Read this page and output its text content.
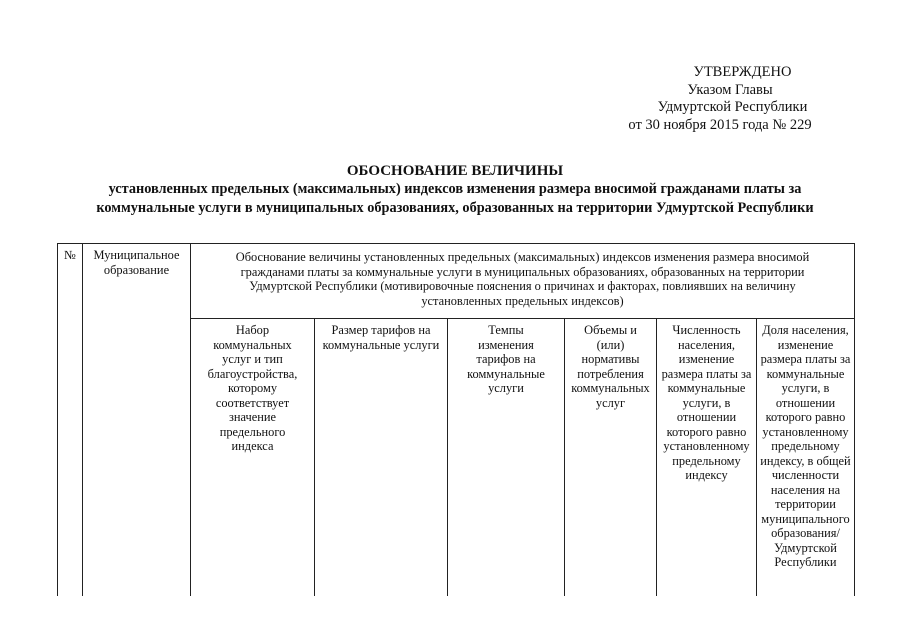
УТВЕРЖДЕНО
Указом Главы
Удмуртской Республики
от 30 ноября 2015 года № 229
ОБОСНОВАНИЕ ВЕЛИЧИНЫ
установленных предельных (максимальных) индексов изменения размера вносимой гражданами платы за
коммунальные услуги в муниципальных образованиях, образованных на территории Удмуртской Республики
№	Муниципальное образование	Обоснование величины установленных предельных (максимальных) индексов изменения размера вносимой гражданами платы за коммунальные услуги в муниципальных образованиях, образованных на территории Удмуртской Республики (мотивировочные пояснения о причинах и факторах, повлиявших на величину установленных предельных индексов)					
		Набор коммунальных услуг и тип благоустройства, которому соответствует значение предельного индекса	Размер тарифов на коммунальные услуги	Темпы изменения тарифов на коммунальные услуги	Объемы и (или) нормативы потребления коммунальных услуг	Численность населения, изменение размера платы за коммунальные услуги, в отношении которого равно установленному предельному индексу	Доля населения, изменение размера платы за коммунальные услуги, в отношении которого равно установленному предельному индексу, в общей численности населения на территории муниципального образования/ Удмуртской Республики
